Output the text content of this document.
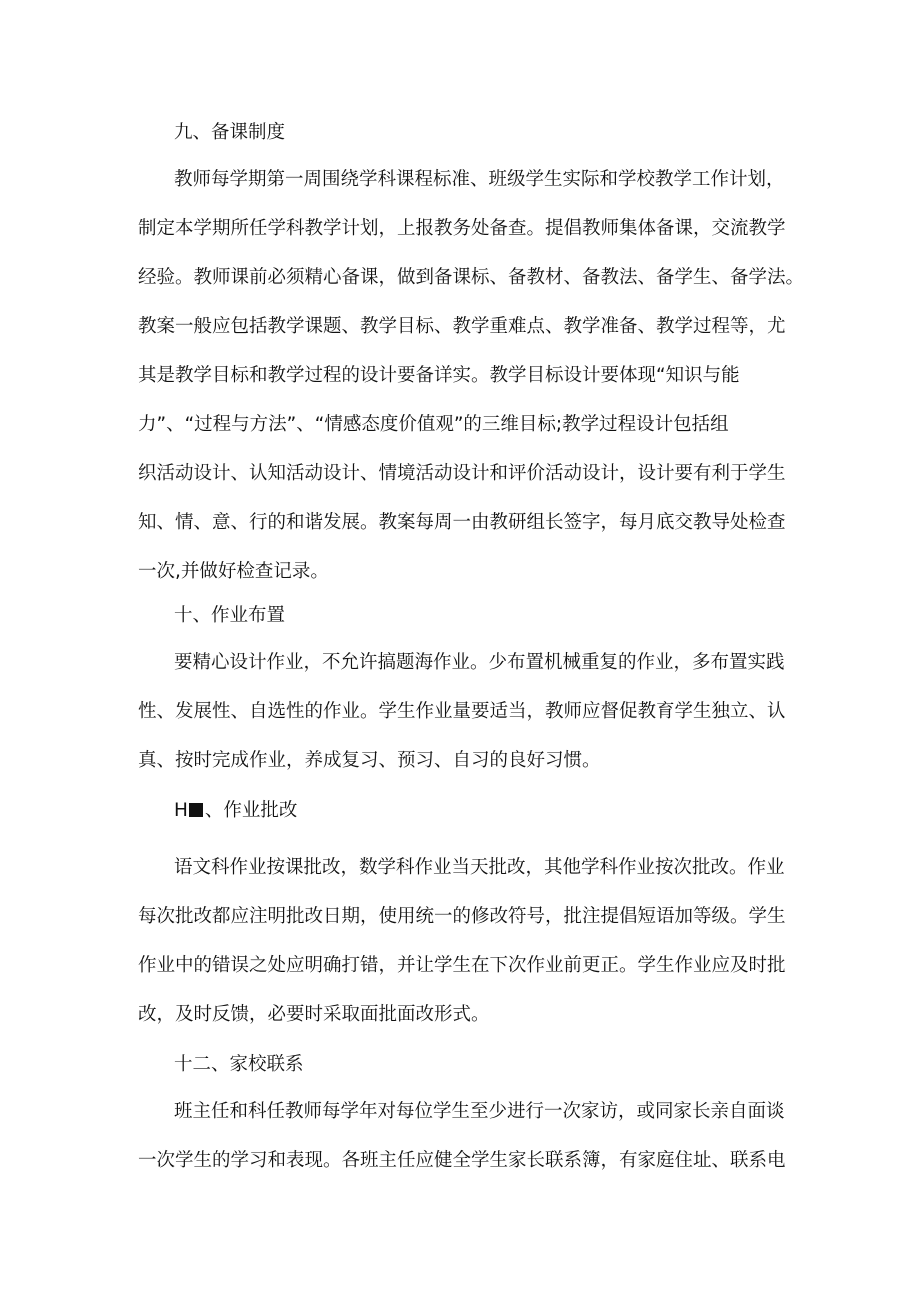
九、备课制度
教师每学期第一周围绕学科课程标准、班级学生实际和学校教学工作计划，
制定本学期所任学科教学计划，上报教务处备查。提倡教师集体备课，交流教学
经验。教师课前必须精心备课，做到备课标、备教材、备教法、备学生、备学法。
教案一般应包括教学课题、教学目标、教学重难点、教学准备、教学过程等，尤
其是教学目标和教学过程的设计要备详实。教学目标设计要体现“知识与能
力”、“过程与方法”、“情感态度价值观”的三维目标;教学过程设计包括组
织活动设计、认知活动设计、情境活动设计和评价活动设计，设计要有利于学生
知、情、意、行的和谐发展。教案每周一由教研组长签字，每月底交教导处检查
一次,并做好检查记录。
十、作业布置
要精心设计作业，不允许搞题海作业。少布置机械重复的作业，多布置实践
性、发展性、自选性的作业。学生作业量要适当，教师应督促教育学生独立、认
真、按时完成作业，养成复习、预习、自习的良好习惯。
H 、作业批改
语文科作业按课批改，数学科作业当天批改，其他学科作业按次批改。作业
每次批改都应注明批改日期，使用统一的修改符号，批注提倡短语加等级。学生
作业中的错误之处应明确打错，并让学生在下次作业前更正。学生作业应及时批
改，及时反馈，必要时采取面批面改形式。
十二、家校联系
班主任和科任教师每学年对每位学生至少进行一次家访，或同家长亲自面谈
一次学生的学习和表现。各班主任应健全学生家长联系簿，有家庭住址、联系电
